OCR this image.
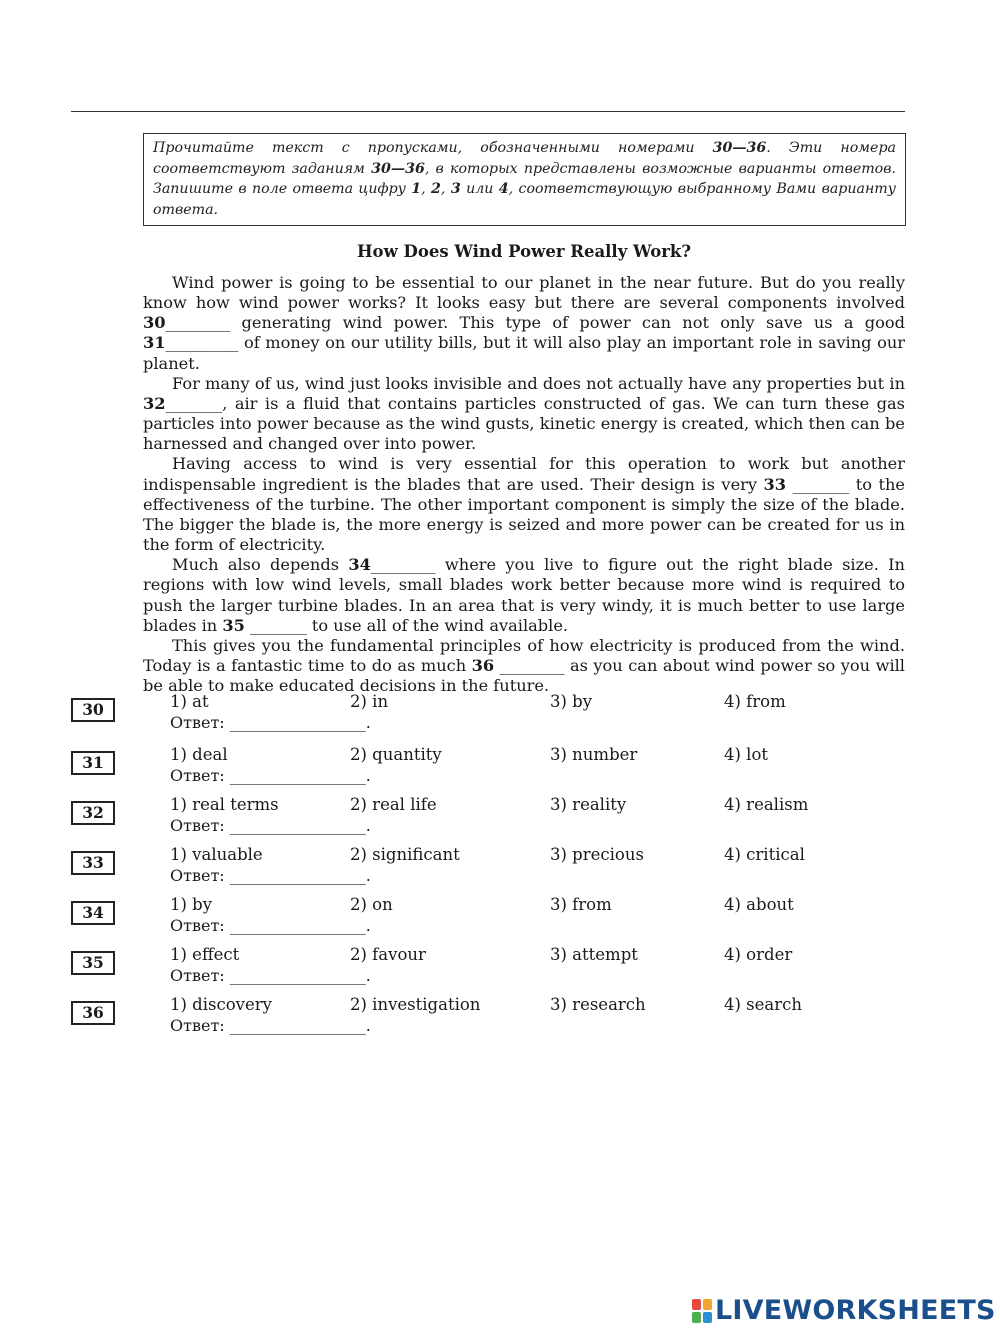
Прочитайте текст с пропусками, обозначенными номерами 30—36. Эти номера соответствуют заданиям 30—36, в которых представлены возможные варианты ответов. Запишите в поле ответа цифру 1, 2, 3 или 4, соответствующую выбранному Вами варианту ответа.
How Does Wind Power Really Work?

Wind power is going to be essential to our planet in the near future. But do you really know how wind power works? It looks easy but there are several components involved 30________ generating wind power. This type of power can not only save us a good 31_________ of money on our utility bills, but it will also play an important role in saving our planet.

For many of us, wind just looks invisible and does not actually have any properties but in 32_______, air is a fluid that contains particles constructed of gas. We can turn these gas particles into power because as the wind gusts, kinetic energy is created, which then can be harnessed and changed over into power.

Having access to wind is very essential for this operation to work but another indispensable ingredient is the blades that are used. Their design is very 33 _______ to the effectiveness of the turbine. The other important component is simply the size of the blade. The bigger the blade is, the more energy is seized and more power can be created for us in the form of electricity.

Much also depends 34________ where you live to figure out the right blade size. In regions with low wind levels, small blades work better because more wind is required to push the larger turbine blades. In an area that is very windy, it is much better to use large blades in 35 _______ to use all of the wind available.

This gives you the fundamental principles of how electricity is produced from the wind. Today is a fantastic time to do as much 36 ________ as you can about wind power so you will be able to make educated decisions in the future.

30	1) at	2) in	3) by	4) from
Ответ: _________________.
31	1) deal	2) quantity	3) number	4) lot
Ответ: _________________.
32	1) real terms	2) real life	3) reality	4) realism
Ответ: _________________.
33	1) valuable	2) significant	3) precious	4) critical
Ответ: _________________.
34	1) by	2) on	3) from	4) about
Ответ: _________________.
35	1) effect	2) favour	3) attempt	4) order
Ответ: _________________.
36	1) discovery	2) investigation	3) research	4) search
Ответ: _________________.
LIVEWORKSHEETS
